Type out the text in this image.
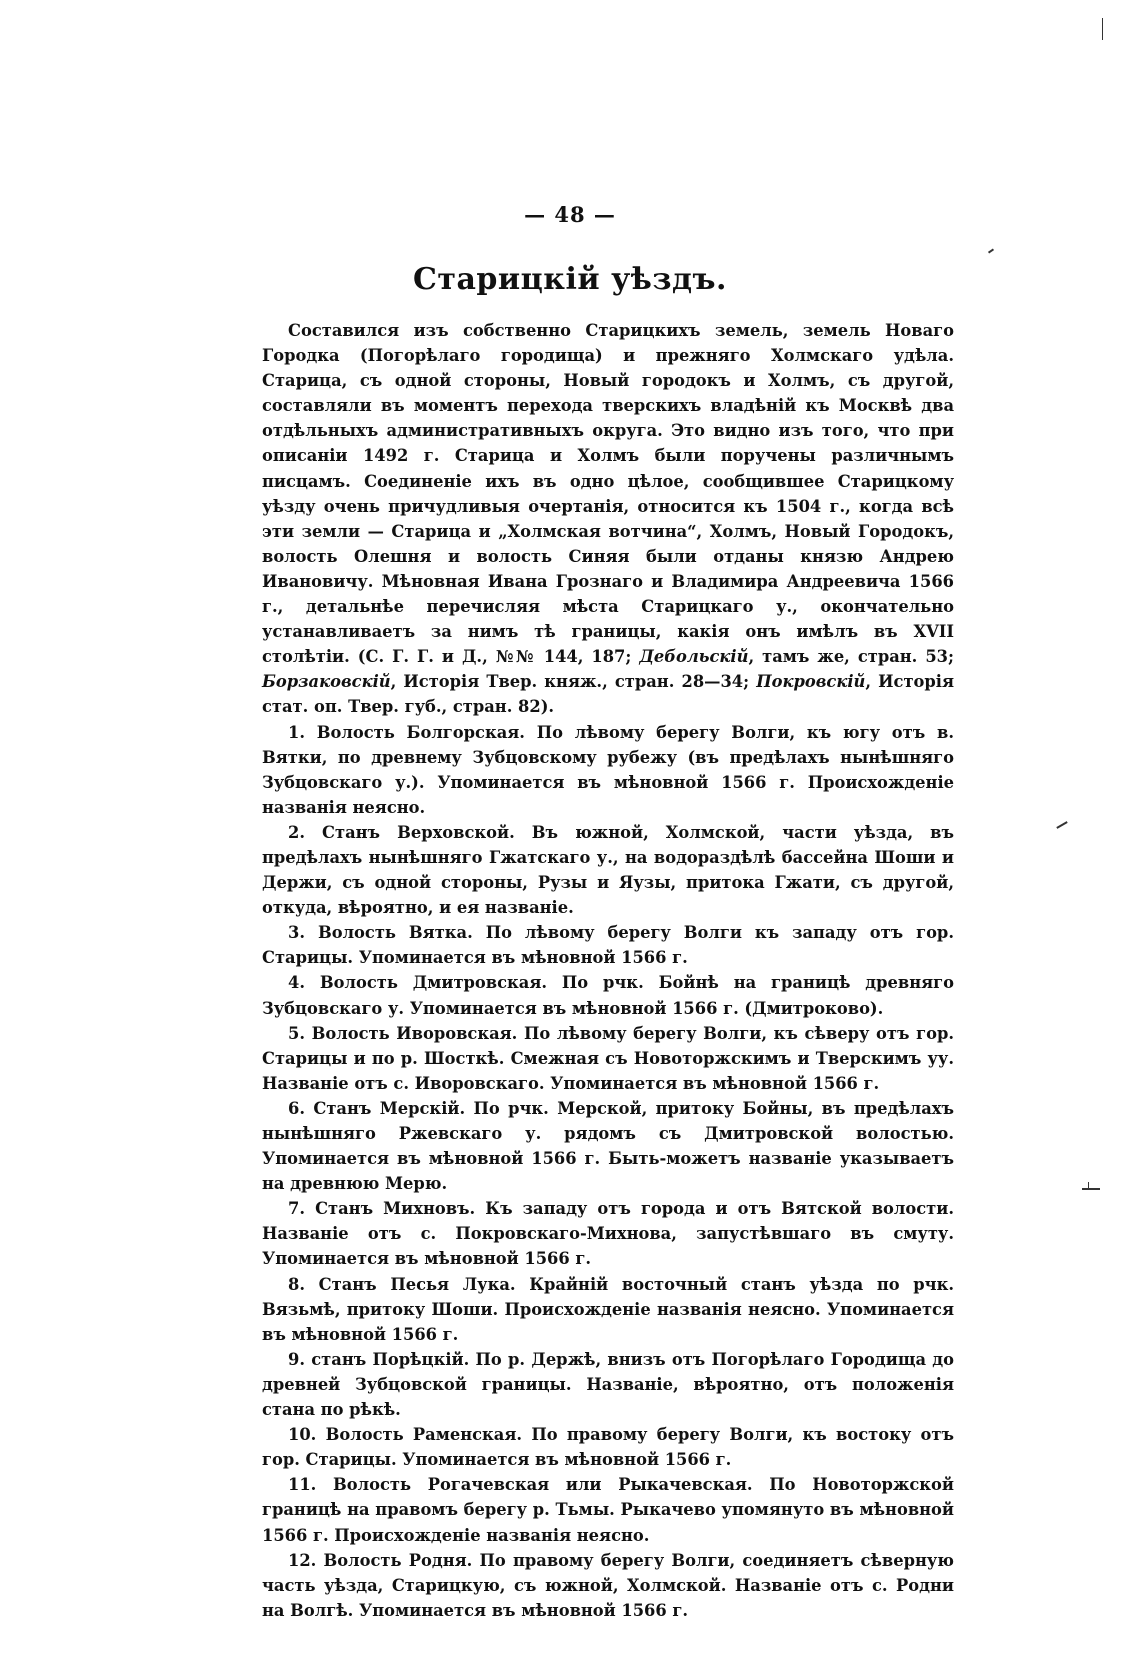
— 48 —
Старицкiй уѣздъ.

Составился изъ собственно Старицкихъ земель, земель Новаго Городка (Погорѣлаго городища) и прежняго Холмскаго удѣла. Старица, съ одной стороны, Новый городокъ и Холмъ, съ другой, составляли въ моментъ перехода тверскихъ владѣнiй къ Москвѣ два отдѣльныхъ административныхъ округа. Это видно изъ того, что при описанiи 1492 г. Старица и Холмъ были поручены различнымъ писцамъ. Соединенiе ихъ въ одно цѣлое, сообщившее Старицкому уѣзду очень причудливыя очертанiя, относится къ 1504 г., когда всѣ эти земли — Старица и „Холмская вотчина“, Холмъ, Новый Городокъ, волость Олешня и волость Синяя были отданы князю Андрею Ивановичу. Мѣновная Ивана Грознаго и Владимира Андреевича 1566 г., детальнѣе перечисляя мѣста Старицкаго у., окончательно устанавливаетъ за нимъ тѣ границы, какiя онъ имѣлъ въ XVII столѣтiи. (С. Г. Г. и Д., №№ 144, 187; Дебольскiй, тамъ же, стран. 53; Борзаковскiй, Исторiя Твер. княж., стран. 28—34; Покровскiй, Исторiя стат. оп. Твер. губ., стран. 82).

1. Волость Болгорская. По лѣвому берегу Волги, къ югу отъ в. Вятки, по древнему Зубцовскому рубежу (въ предѣлахъ нынѣшняго Зубцовскаго у.). Упоминается въ мѣновной 1566 г. Происхожденiе названiя неясно.

2. Станъ Верховской. Въ южной, Холмской, части уѣзда, въ предѣлахъ нынѣшняго Гжатскаго у., на водораздѣлѣ бассейна Шоши и Держи, съ одной стороны, Рузы и Яузы, притока Гжати, съ другой, откуда, вѣроятно, и ея названiе.

3. Волость Вятка. По лѣвому берегу Волги къ западу отъ гор. Старицы. Упоминается въ мѣновной 1566 г.

4. Волость Дмитровская. По рчк. Бойнѣ на границѣ древняго Зубцовскаго у. Упоминается въ мѣновной 1566 г. (Дмитроково).

5. Волость Иворовская. По лѣвому берегу Волги, къ сѣверу отъ гор. Старицы и по р. Шосткѣ. Смежная съ Новоторжскимъ и Тверскимъ уу. Названiе отъ с. Иворовскаго. Упоминается въ мѣновной 1566 г.

6. Станъ Мерскiй. По рчк. Мерской, притоку Бойны, въ предѣлахъ нынѣшняго Ржевскаго у. рядомъ съ Дмитровской волостью. Упоминается въ мѣновной 1566 г. Быть-можетъ названiе указываетъ на древнюю Мерю.

7. Станъ Михновъ. Къ западу отъ города и отъ Вятской волости. Названiе отъ с. Покровскаго-Михнова, запустѣвшаго въ смуту. Упоминается въ мѣновной 1566 г.

8. Станъ Песья Лука. Крайнiй восточный станъ уѣзда по рчк. Вязьмѣ, притоку Шоши. Происхожденiе названiя неясно. Упоминается въ мѣновной 1566 г.

9. станъ Порѣцкiй. По р. Держѣ, внизъ отъ Погорѣлаго Городища до древней Зубцовской границы. Названiе, вѣроятно, отъ положенiя стана по рѣкѣ.

10. Волость Раменская. По правому берегу Волги, къ востоку отъ гор. Старицы. Упоминается въ мѣновной 1566 г.

11. Волость Рогачевская или Рыкачевская. По Новоторжской границѣ на правомъ берегу р. Тьмы. Рыкачево упомянуто въ мѣновной 1566 г. Происхожденiе названiя неясно.

12. Волость Родня. По правому берегу Волги, соединяетъ сѣверную часть уѣзда, Старицкую, съ южной, Холмской. Названiе отъ с. Родни на Волгѣ. Упоминается въ мѣновной 1566 г.
